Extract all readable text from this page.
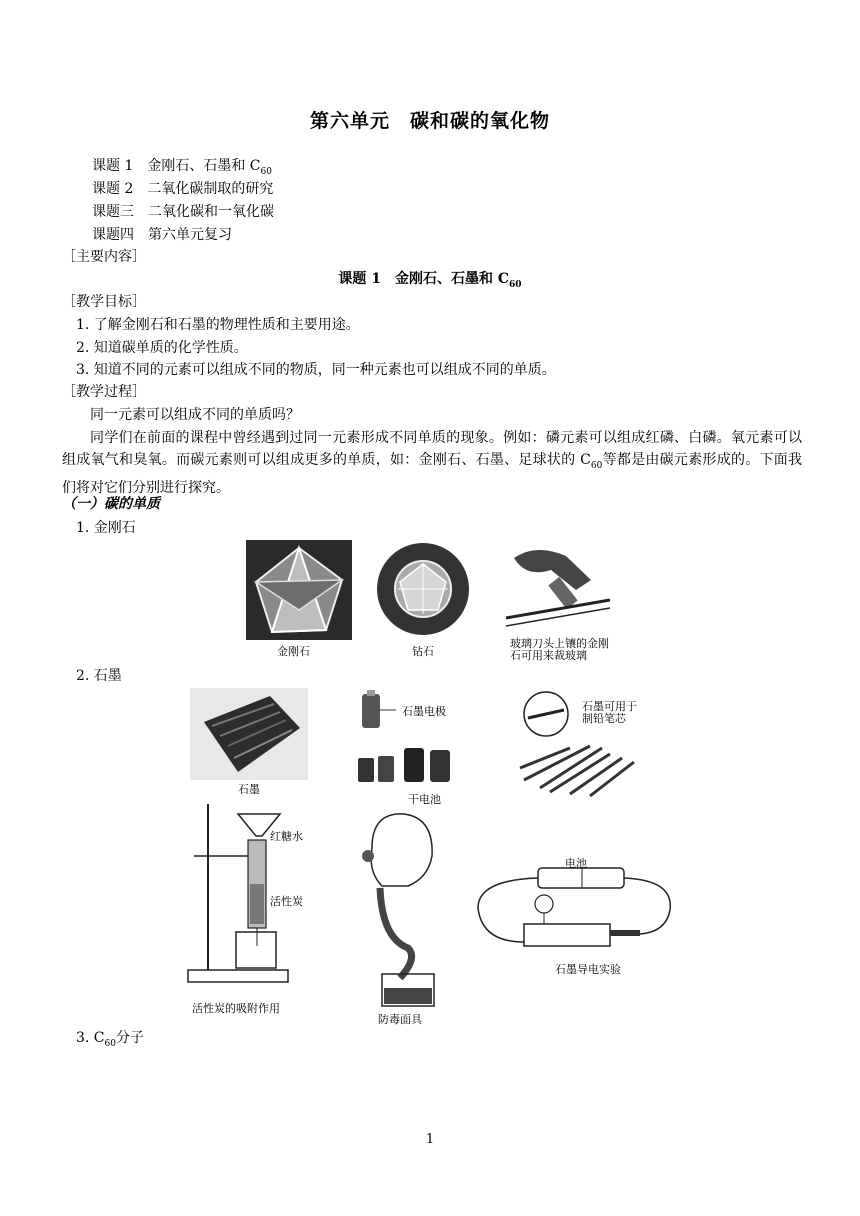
第六单元　碳和碳的氧化物
课题 1　金刚石、石墨和 $C_{60}$
课题 2　二氧化碳制取的研究
课题三　二氧化碳和一氧化碳
课题四　第六单元复习
［主要内容］
课题 1　金刚石、石墨和 $C_{60}$
［教学目标］
1. 了解金刚石和石墨的物理性质和主要用途。
2. 知道碳单质的化学性质。
3. 知道不同的元素可以组成不同的物质，同一种元素也可以组成不同的单质。
［教学过程］
同一元素可以组成不同的单质吗？
同学们在前面的课程中曾经遇到过同一元素形成不同单质的现象。例如：磷元素可以组成红磷、白磷。氧元素可以组成氧气和臭氧。而碳元素则可以组成更多的单质，如：金刚石、石墨、足球状的 $C_{60}$等都是由碳元素形成的。下面我们将对它们分别进行探究。
（一）碳的单质
1. 金刚石
金刚石	钻石
玻璃刀头上镶的金刚
石可用来裁玻璃
2. 石墨
石墨
石墨电极
干电池
石墨可用于
制铅笔芯
红糖水
活性炭
活性炭的吸附作用
防毒面具
电池
石墨导电实验
3. $C_{60}$分子
1
